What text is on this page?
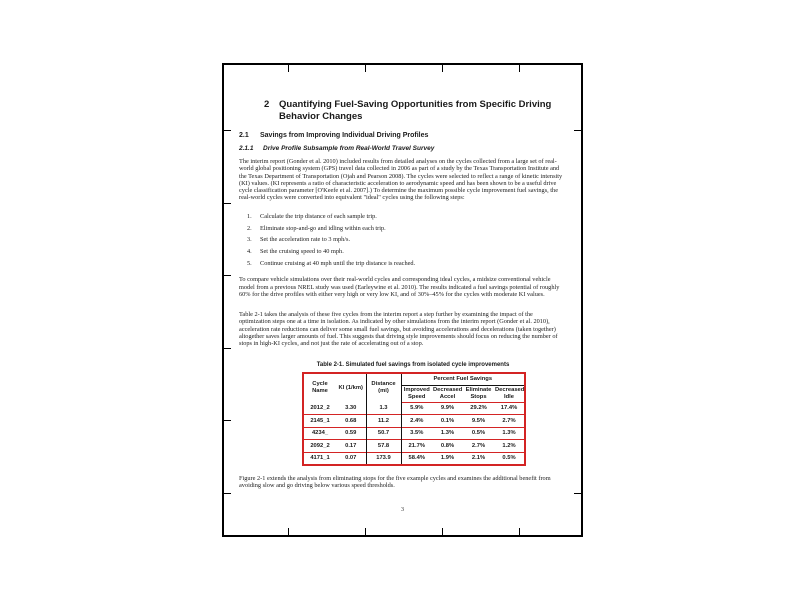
2	Quantifying Fuel-Saving Opportunities from Specific Driving Behavior Changes
2.1	Savings from Improving Individual Driving Profiles
2.1.1	Drive Profile Subsample from Real-World Travel Survey
The interim report (Gonder et al. 2010) included results from detailed analyses on the cycles collected from a large set of real-world global positioning system (GPS) travel data collected in 2006 as part of a study by the Texas Transportation Institute and the Texas Department of Transportation (Ojah and Pearson 2008). The cycles were selected to reflect a range of kinetic intensity (KI) values. (KI represents a ratio of characteristic acceleration to aerodynamic speed and has been shown to be a useful drive cycle classification parameter [O'Keefe et al. 2007].) To determine the maximum possible cycle improvement fuel savings, the real-world cycles were converted into equivalent "ideal" cycles using the following steps:
1.	Calculate the trip distance of each sample trip.
2.	Eliminate stop-and-go and idling within each trip.
3.	Set the acceleration rate to 3 mph/s.
4.	Set the cruising speed to 40 mph.
5.	Continue cruising at 40 mph until the trip distance is reached.
To compare vehicle simulations over their real-world cycles and corresponding ideal cycles, a midsize conventional vehicle model from a previous NREL study was used (Earleywine et al. 2010). The results indicated a fuel savings potential of roughly 60% for the drive profiles with either very high or very low KI, and of 30%–45% for the cycles with moderate KI values.
Table 2-1 takes the analysis of these five cycles from the interim report a step further by examining the impact of the optimization steps one at a time in isolation. As indicated by other simulations from the interim report (Gonder et al. 2010), acceleration rate reductions can deliver some small fuel savings, but avoiding accelerations and decelerations (taken together) altogether saves larger amounts of fuel. This suggests that driving style improvements should focus on reducing the number of stops in high-KI cycles, and not just the rate of accelerating out of a stop.
Table 2-1. Simulated fuel savings from isolated cycle improvements
Cycle Name	KI (1/km)	Distance (mi)	Percent Fuel Savings			
			Improved Speed	Decreased Accel	Eliminate Stops	Decreased Idle
2012_2	3.30	1.3	5.9%	9.9%	29.2%	17.4%
2145_1	0.68	11.2	2.4%	0.1%	9.5%	2.7%
4234_	0.59	50.7	3.5%	1.3%	0.5%	1.3%
2092_2	0.17	57.8	21.7%	0.8%	2.7%	1.2%
4171_1	0.07	173.9	58.4%	1.9%	2.1%	0.5%
Figure 2-1 extends the analysis from eliminating stops for the five example cycles and examines the additional benefit from avoiding slow and go driving below various speed thresholds.
3
